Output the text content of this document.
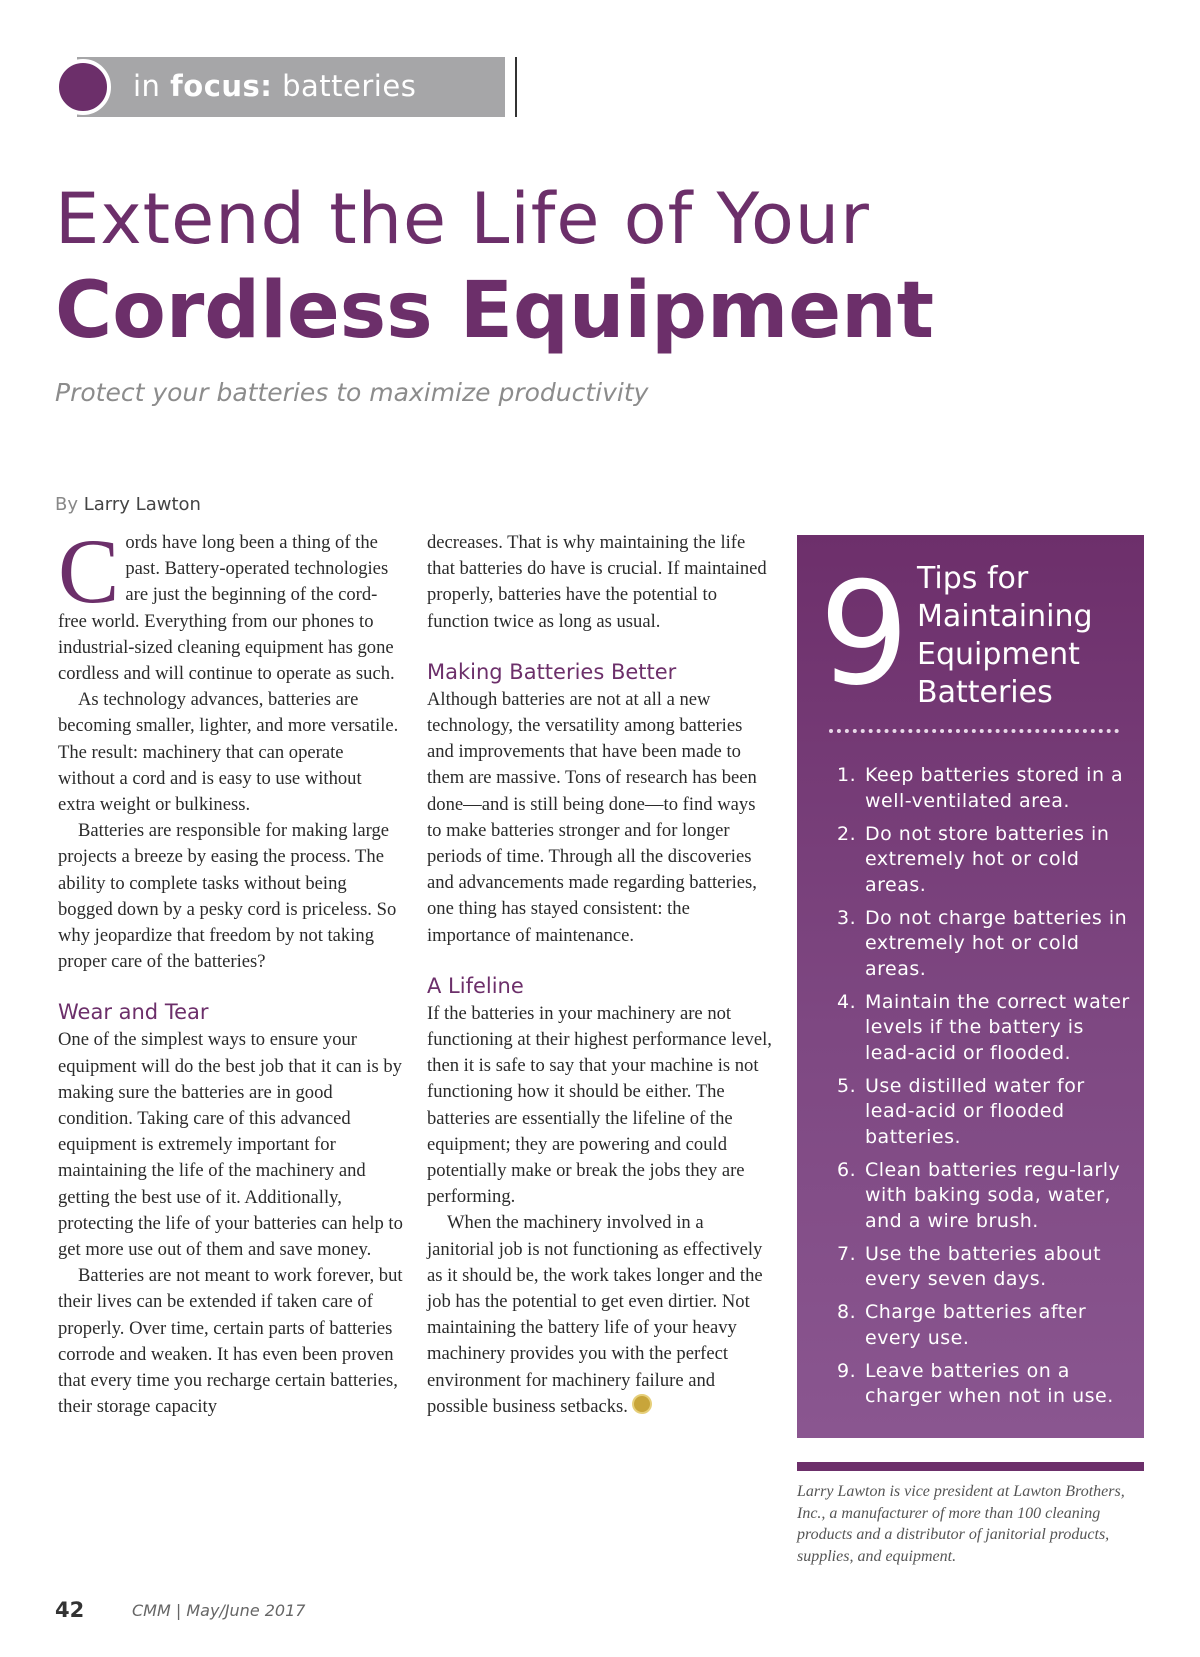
in focus: batteries
Extend the Life of Your
Cordless Equipment
Protect your batteries to maximize productivity
By Larry Lawton

Cords have long been a thing of the past. Battery-operated technologies are just the beginning of the cord-free world. Everything from our phones to industrial-sized cleaning equipment has gone cordless and will continue to operate as such.

As technology advances, batteries are becoming smaller, lighter, and more versatile. The result: machinery that can operate without a cord and is easy to use without extra weight or bulkiness.

Batteries are responsible for making large projects a breeze by easing the process. The ability to complete tasks without being bogged down by a pesky cord is priceless. So why jeopardize that freedom by not taking proper care of the batteries?

Wear and Tear

One of the simplest ways to ensure your equipment will do the best job that it can is by making sure the batteries are in good condition. Taking care of this advanced equipment is extremely important for maintaining the life of the machinery and getting the best use of it. Additionally, protecting the life of your batteries can help to get more use out of them and save money.

Batteries are not meant to work forever, but their lives can be extended if taken care of properly. Over time, certain parts of batteries corrode and weaken. It has even been proven that every time you recharge certain batteries, their storage capacity

decreases. That is why maintaining the life that batteries do have is crucial. If maintained properly, batteries have the potential to function twice as long as usual.

Making Batteries Better

Although batteries are not at all a new technology, the versatility among batteries and improvements that have been made to them are massive. Tons of research has been done—and is still being done—to find ways to make batteries stronger and for longer periods of time. Through all the discoveries and advancements made regarding batteries, one thing has stayed consistent: the importance of maintenance.

A Lifeline

If the batteries in your machinery are not functioning at their highest performance level, then it is safe to say that your machine is not functioning how it should be either. The batteries are essentially the lifeline of the equipment; they are powering and could potentially make or break the jobs they are performing.

When the machinery involved in a janitorial job is not functioning as effectively as it should be, the work takes longer and the job has the potential to get even dirtier. Not maintaining the battery life of your heavy machinery provides you with the perfect environment for machinery failure and possible business setbacks.

9 Tips for Maintaining Equipment Batteries
1. Keep batteries stored in a well-ventilated area.
2. Do not store batteries in extremely hot or cold areas.
3. Do not charge batteries in extremely hot or cold areas.
4. Maintain the correct water levels if the battery is lead-acid or flooded.
5. Use distilled water for lead-acid or flooded batteries.
6. Clean batteries regu-larly with baking soda, water, and a wire brush.
7. Use the batteries about every seven days.
8. Charge batteries after every use.
9. Leave batteries on a charger when not in use.
Larry Lawton is vice president at Lawton Brothers, Inc., a manufacturer of more than 100 cleaning products and a distributor of janitorial products, supplies, and equipment.
42	CMM | May/June 2017
